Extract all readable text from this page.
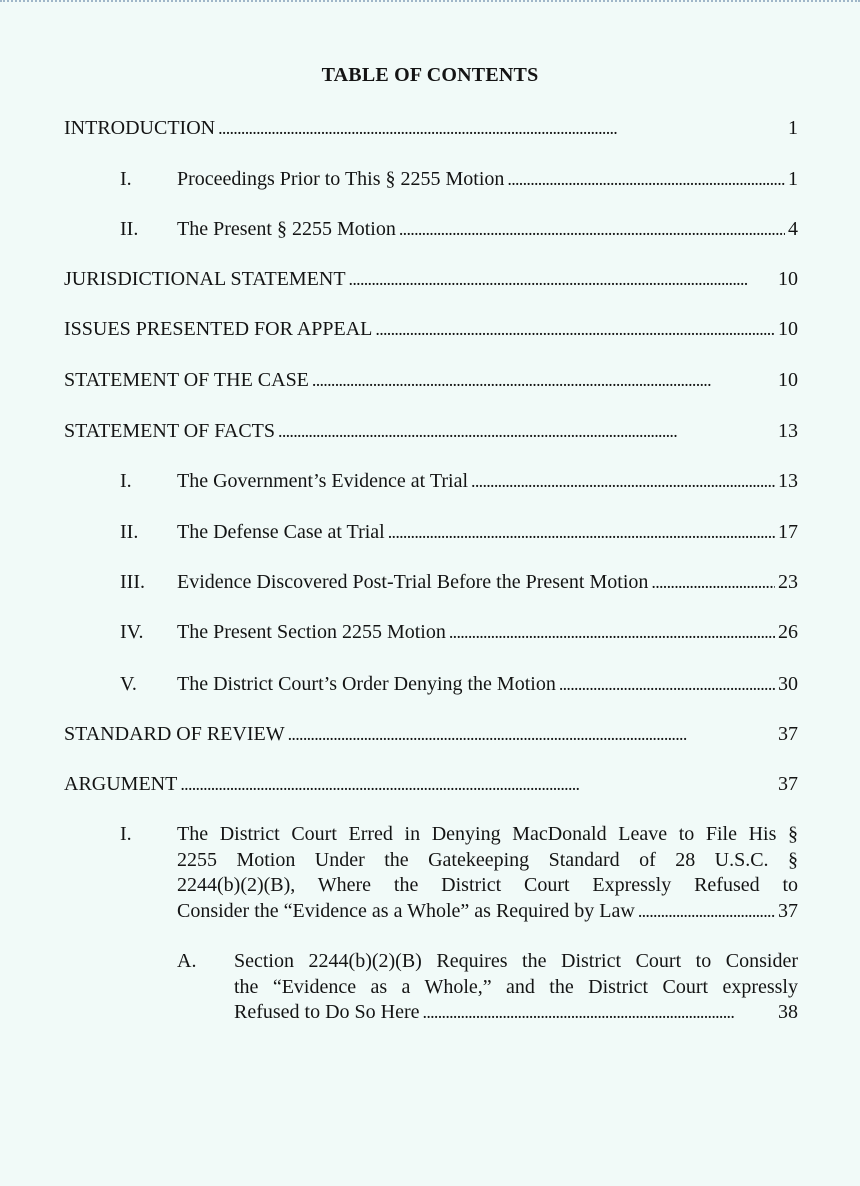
TABLE OF CONTENTS
INTRODUCTION . . .	1
I.	Proceedings Prior to This § 2255 Motion . . .	1
II.	The Present § 2255 Motion . . .	4
JURISDICTIONAL STATEMENT . . .	10
ISSUES PRESENTED FOR APPEAL . . .	10
STATEMENT OF THE CASE . . .	10
STATEMENT OF FACTS . . .	13
I.	The Government’s Evidence at Trial . . .	13
II.	The Defense Case at Trial . . .	17
III.	Evidence Discovered Post-Trial Before the Present Motion . . .	23
IV.	The Present Section 2255 Motion . . .	26
V.	The District Court’s Order Denying the Motion . . .	30
STANDARD OF REVIEW . . .	37
ARGUMENT . . .	37
I. The District Court Erred in Denying MacDonald Leave to File His §
2255 Motion Under the Gatekeeping Standard of 28 U.S.C. §
2244(b)(2)(B), Where the District Court Expressly Refused to
Consider the “Evidence as a Whole” as Required by Law . . .	37
A. Section 2244(b)(2)(B) Requires the District Court to Consider
the “Evidence as a Whole,” and the District Court expressly
Refused to Do So Here . . .	38
